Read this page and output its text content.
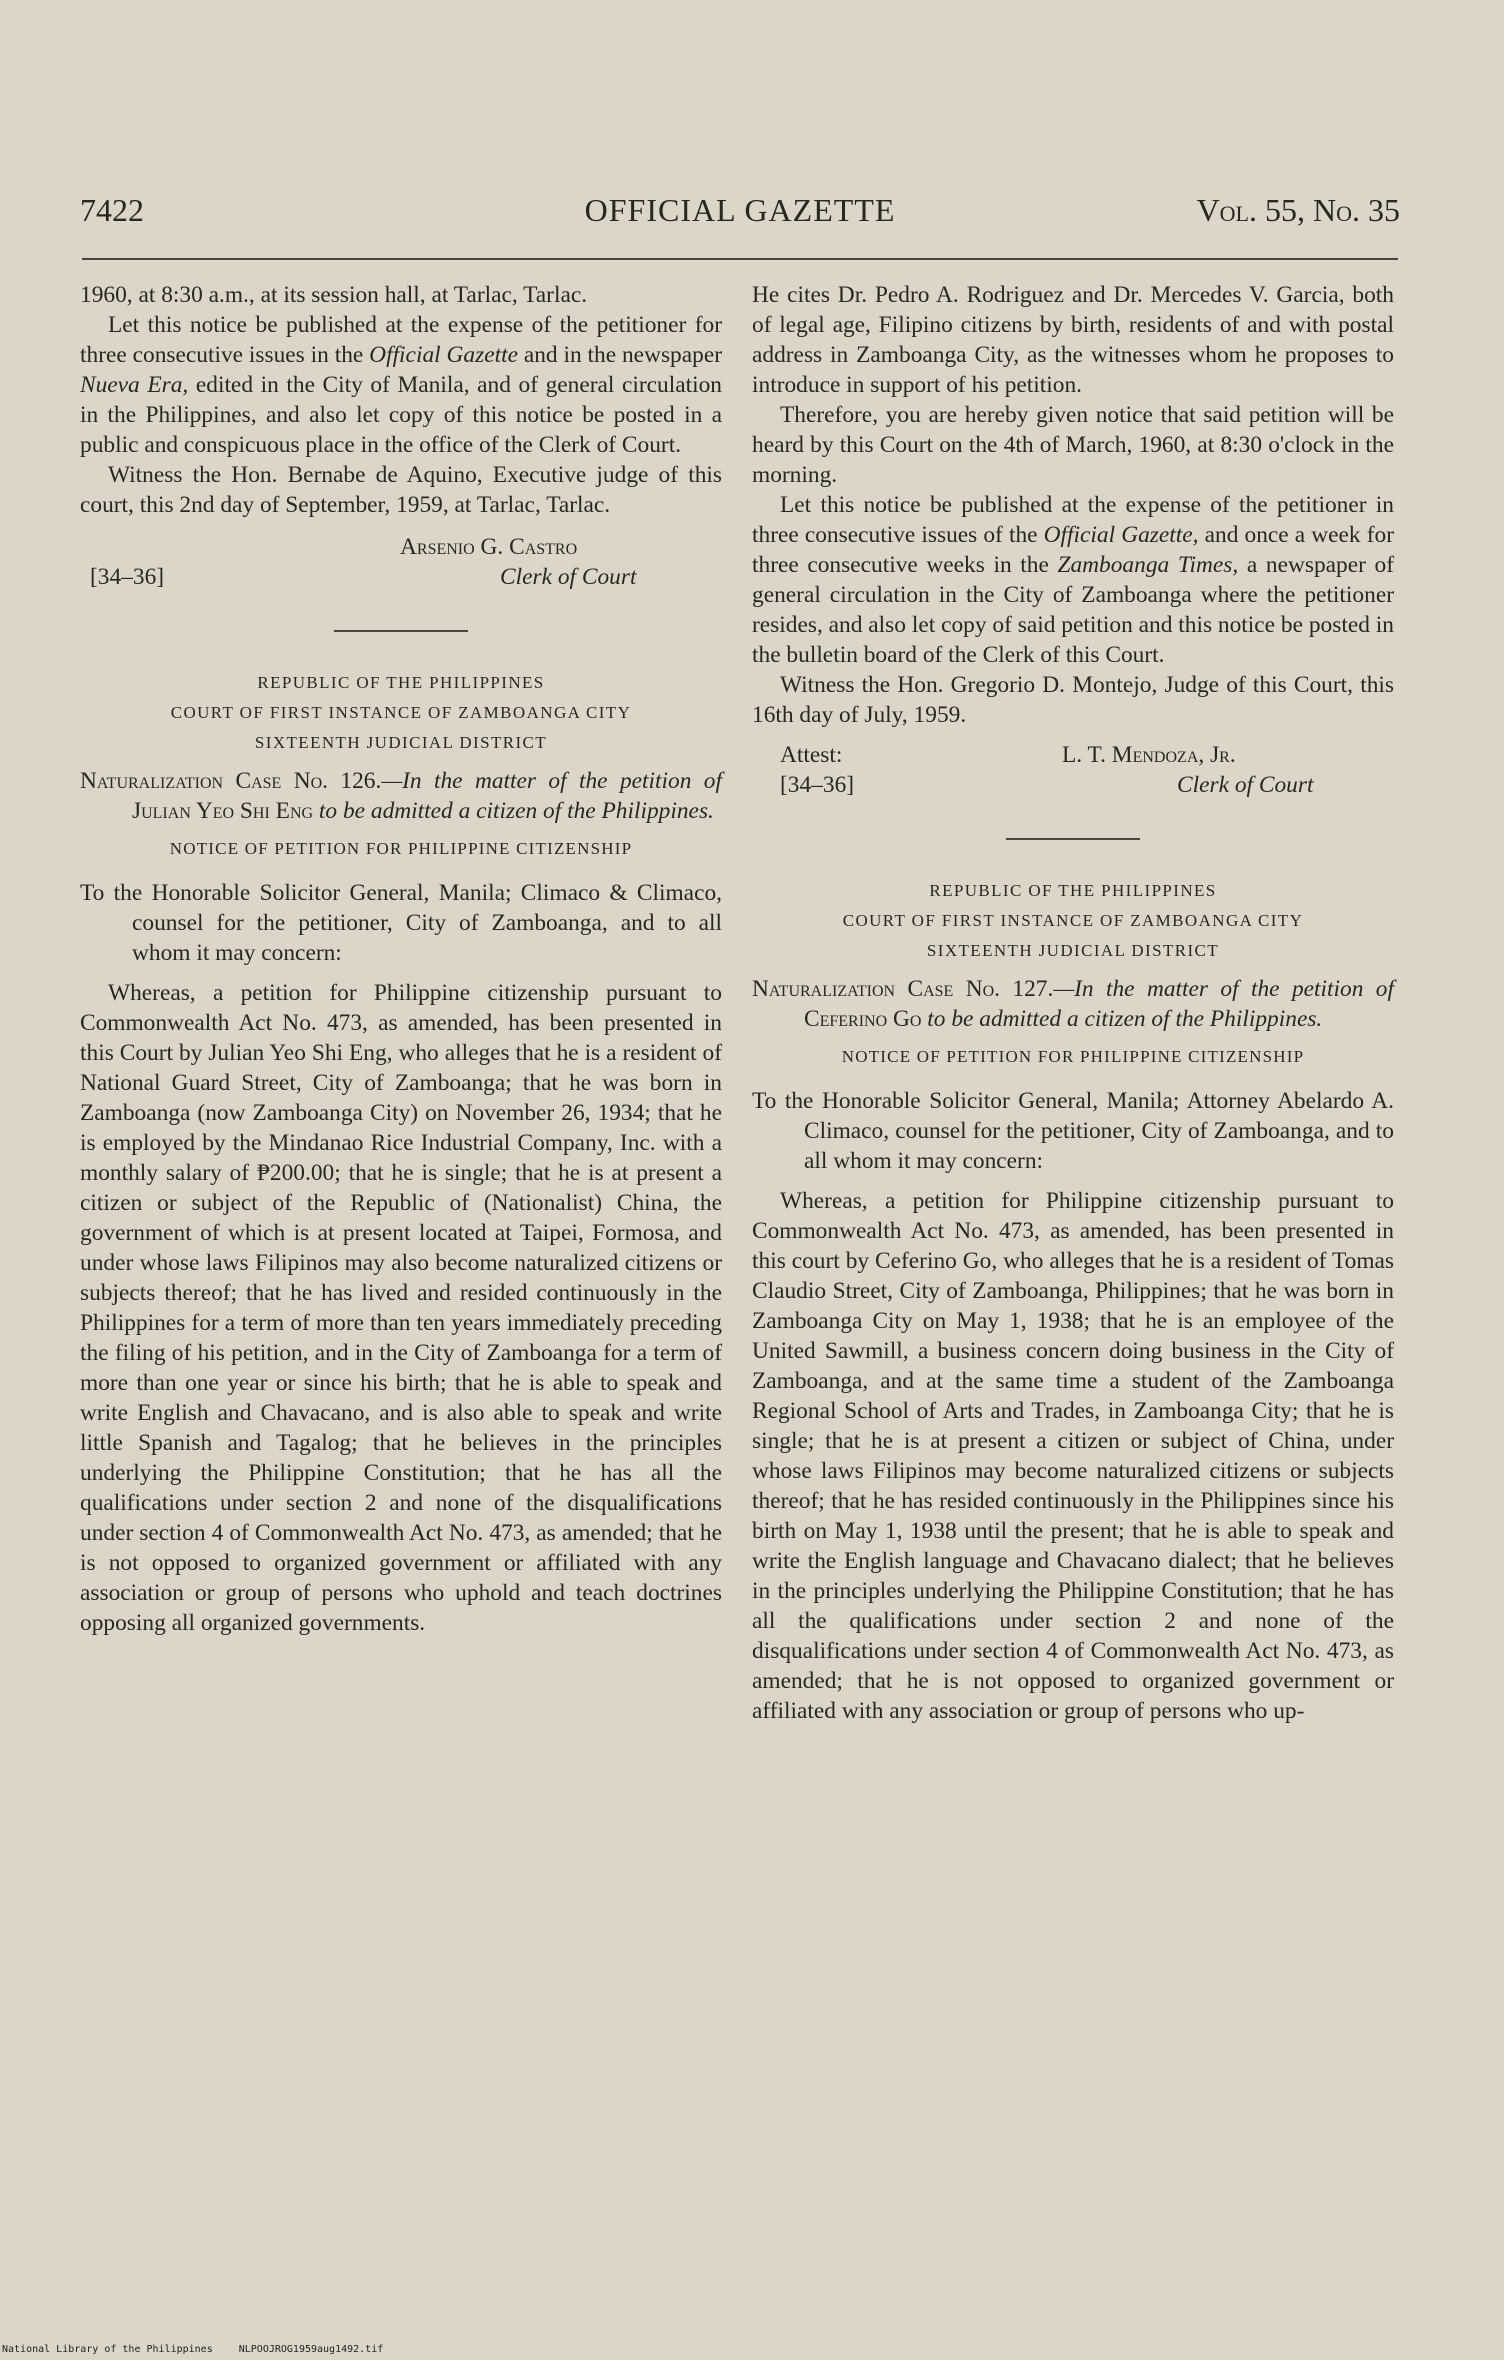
7422	OFFICIAL GAZETTE	Vol. 55, No. 35

1960, at 8:30 a.m., at its session hall, at Tarlac, Tarlac.

Let this notice be published at the expense of the petitioner for three consecutive issues in the Official Gazette and in the newspaper Nueva Era, edited in the City of Manila, and of general circulation in the Philippines, and also let copy of this notice be posted in a public and conspicuous place in the office of the Clerk of Court.

Witness the Hon. Bernabe de Aquino, Executive judge of this court, this 2nd day of September, 1959, at Tarlac, Tarlac.

Arsenio G. Castro
[34–36]	Clerk of Court

REPUBLIC OF THE PHILIPPINES

COURT OF FIRST INSTANCE OF ZAMBOANGA CITY

SIXTEENTH JUDICIAL DISTRICT

Naturalization Case No. 126.—In the matter of the petition of Julian Yeo Shi Eng to be admitted a citizen of the Philippines.

NOTICE OF PETITION FOR PHILIPPINE CITIZENSHIP

To the Honorable Solicitor General, Manila; Climaco & Climaco, counsel for the petitioner, City of Zamboanga, and to all whom it may concern:

Whereas, a petition for Philippine citizenship pursuant to Commonwealth Act No. 473, as amended, has been presented in this Court by Julian Yeo Shi Eng, who alleges that he is a resident of National Guard Street, City of Zamboanga; that he was born in Zamboanga (now Zamboanga City) on November 26, 1934; that he is employed by the Mindanao Rice Industrial Company, Inc. with a monthly salary of ₱200.00; that he is single; that he is at present a citizen or subject of the Republic of (Nationalist) China, the government of which is at present located at Taipei, Formosa, and under whose laws Filipinos may also become naturalized citizens or subjects thereof; that he has lived and resided continuously in the Philippines for a term of more than ten years immediately preceding the filing of his petition, and in the City of Zamboanga for a term of more than one year or since his birth; that he is able to speak and write English and Chavacano, and is also able to speak and write little Spanish and Tagalog; that he believes in the principles underlying the Philippine Constitution; that he has all the qualifications under section 2 and none of the disqualifications under section 4 of Commonwealth Act No. 473, as amended; that he is not opposed to organized government or affiliated with any association or group of persons who uphold and teach doctrines opposing all organized governments.

He cites Dr. Pedro A. Rodriguez and Dr. Mercedes V. Garcia, both of legal age, Filipino citizens by birth, residents of and with postal address in Zamboanga City, as the witnesses whom he proposes to introduce in support of his petition.

Therefore, you are hereby given notice that said petition will be heard by this Court on the 4th of March, 1960, at 8:30 o'clock in the morning.

Let this notice be published at the expense of the petitioner in three consecutive issues of the Official Gazette, and once a week for three consecutive weeks in the Zamboanga Times, a newspaper of general circulation in the City of Zamboanga where the petitioner resides, and also let copy of said petition and this notice be posted in the bulletin board of the Clerk of this Court.

Witness the Hon. Gregorio D. Montejo, Judge of this Court, this 16th day of July, 1959.

Attest:	L. T. Mendoza, Jr.
[34–36]	Clerk of Court

REPUBLIC OF THE PHILIPPINES

COURT OF FIRST INSTANCE OF ZAMBOANGA CITY

SIXTEENTH JUDICIAL DISTRICT

Naturalization Case No. 127.—In the matter of the petition of Ceferino Go to be admitted a citizen of the Philippines.

NOTICE OF PETITION FOR PHILIPPINE CITIZENSHIP

To the Honorable Solicitor General, Manila; Attorney Abelardo A. Climaco, counsel for the petitioner, City of Zamboanga, and to all whom it may concern:

Whereas, a petition for Philippine citizenship pursuant to Commonwealth Act No. 473, as amended, has been presented in this court by Ceferino Go, who alleges that he is a resident of Tomas Claudio Street, City of Zamboanga, Philippines; that he was born in Zamboanga City on May 1, 1938; that he is an employee of the United Sawmill, a business concern doing business in the City of Zamboanga, and at the same time a student of the Zamboanga Regional School of Arts and Trades, in Zamboanga City; that he is single; that he is at present a citizen or subject of China, under whose laws Filipinos may become naturalized citizens or subjects thereof; that he has resided continuously in the Philippines since his birth on May 1, 1938 until the present; that he is able to speak and write the English language and Chavacano dialect; that he believes in the principles underlying the Philippine Constitution; that he has all the qualifications under section 2 and none of the disqualifications under section 4 of Commonwealth Act No. 473, as amended; that he is not opposed to organized government or affiliated with any association or group of persons who up-

National Library of the Philippines	NLPOOJROG1959aug1492.tif
